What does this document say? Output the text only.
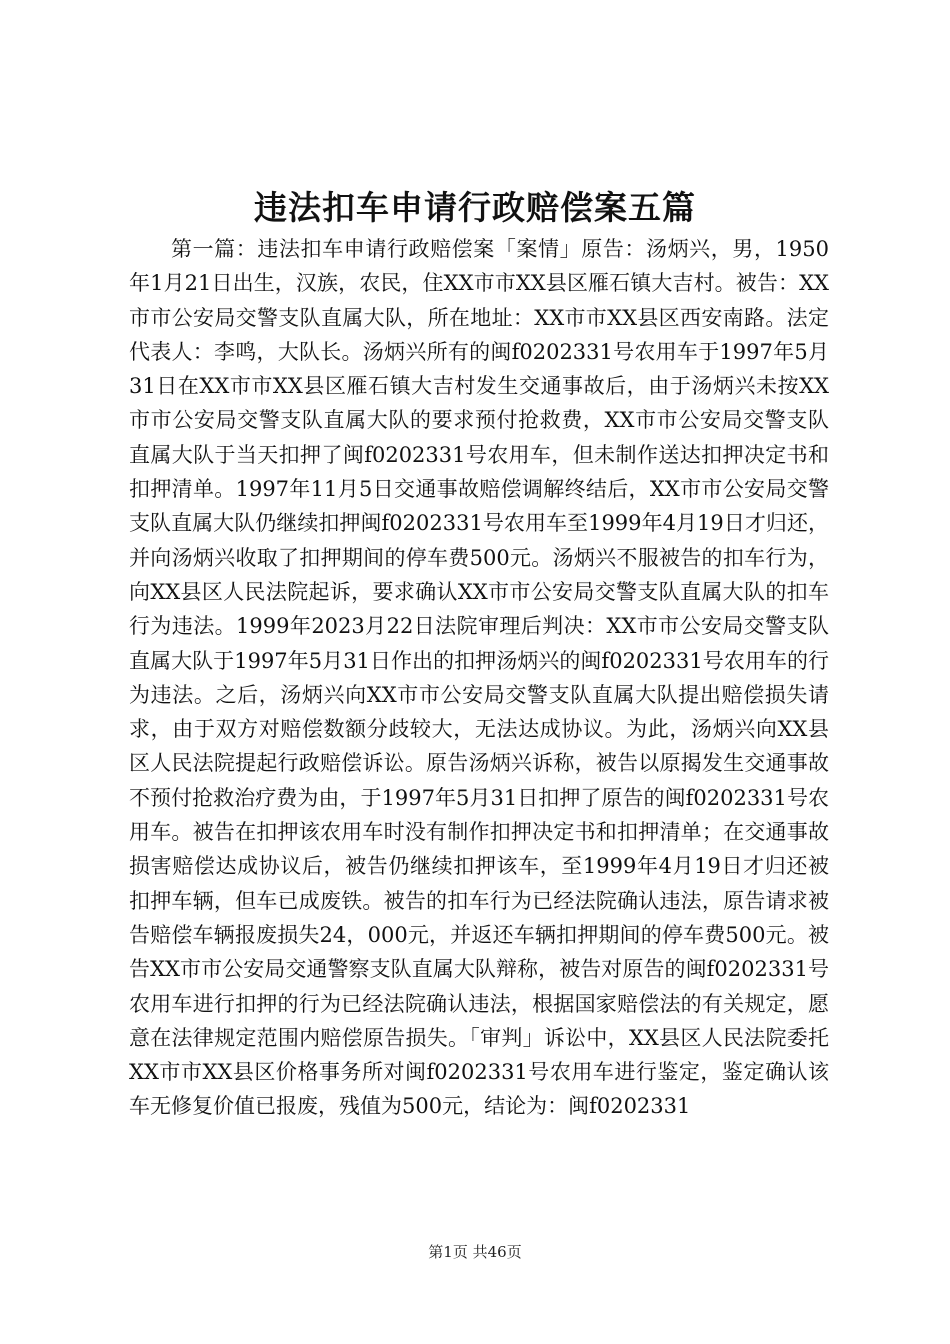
违法扣车申请行政赔偿案五篇

第一篇：违法扣车申请行政赔偿案「案情」原告：汤炳兴，男，1950年1月21日出生，汉族，农民，住XX市市XX县区雁石镇大吉村。被告：XX市市公安局交警支队直属大队，所在地址：XX市市XX县区西安南路。法定代表人：李鸣，大队长。汤炳兴所有的闽f0202331号农用车于1997年5月31日在XX市市XX县区雁石镇大吉村发生交通事故后，由于汤炳兴未按XX市市公安局交警支队直属大队的要求预付抢救费，XX市市公安局交警支队直属大队于当天扣押了闽f0202331号农用车，但未制作送达扣押决定书和扣押清单。1997年11月5日交通事故赔偿调解终结后，XX市市公安局交警支队直属大队仍继续扣押闽f0202331号农用车至1999年4月19日才归还，并向汤炳兴收取了扣押期间的停车费500元。汤炳兴不服被告的扣车行为，向XX县区人民法院起诉，要求确认XX市市公安局交警支队直属大队的扣车行为违法。1999年2023月22日法院审理后判决：XX市市公安局交警支队直属大队于1997年5月31日作出的扣押汤炳兴的闽f0202331号农用车的行为违法。之后，汤炳兴向XX市市公安局交警支队直属大队提出赔偿损失请求，由于双方对赔偿数额分歧较大，无法达成协议。为此，汤炳兴向XX县区人民法院提起行政赔偿诉讼。原告汤炳兴诉称，被告以原揭发生交通事故不预付抢救治疗费为由，于1997年5月31日扣押了原告的闽f0202331号农用车。被告在扣押该农用车时没有制作扣押决定书和扣押清单；在交通事故损害赔偿达成协议后，被告仍继续扣押该车，至1999年4月19日才归还被扣押车辆，但车已成废铁。被告的扣车行为已经法院确认违法，原告请求被告赔偿车辆报废损失24，000元，并返还车辆扣押期间的停车费500元。被告XX市市公安局交通警察支队直属大队辩称，被告对原告的闽f0202331号农用车进行扣押的行为已经法院确认违法，根据国家赔偿法的有关规定，愿意在法律规定范围内赔偿原告损失。「审判」诉讼中，XX县区人民法院委托XX市市XX县区价格事务所对闽f0202331号农用车进行鉴定，鉴定确认该车无修复价值已报废，残值为500元，结论为：闽f0202331

第1页 共46页
